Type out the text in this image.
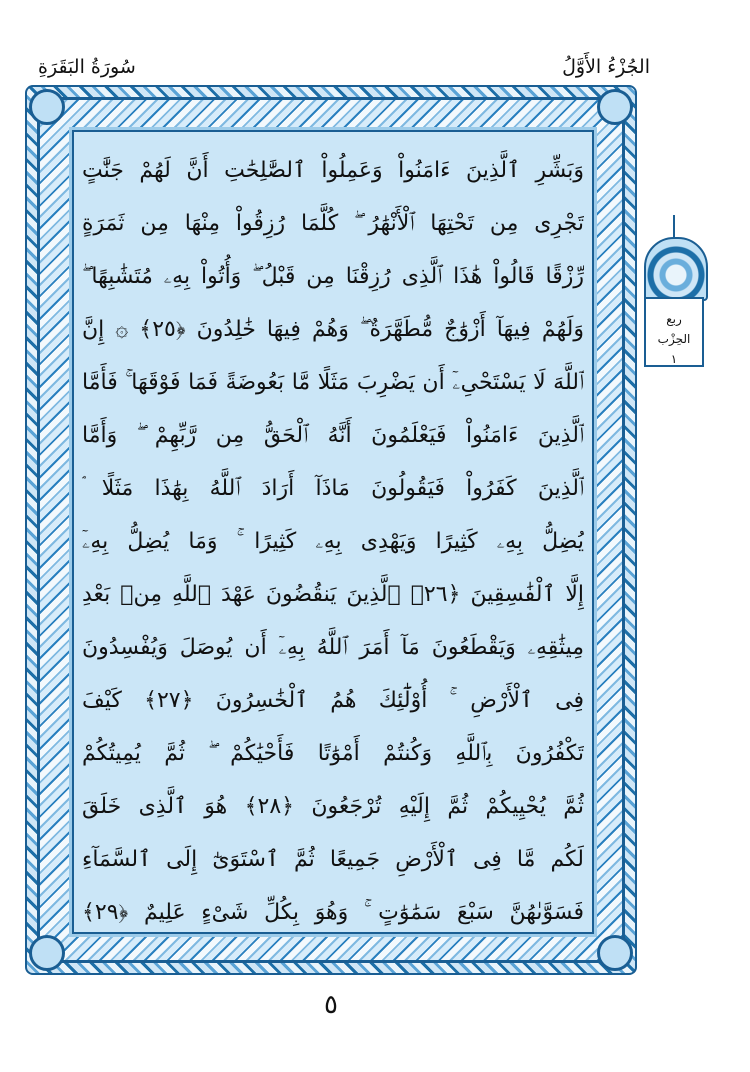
سُورَةُ البَقَرَةِ	الجُزْءُ الأَوَّلُ
وَبَشِّرِ ٱلَّذِينَ ءَامَنُواْ وَعَمِلُواْ ٱلصَّٰلِحَٰتِ أَنَّ لَهُمْ جَنَّٰتٍ
تَجْرِى مِن تَحْتِهَا ٱلْأَنْهَٰرُ ۖ كُلَّمَا رُزِقُواْ مِنْهَا مِن ثَمَرَةٍ
رِّزْقًا قَالُواْ هَٰذَا ٱلَّذِى رُزِقْنَا مِن قَبْلُ ۖ وَأُتُواْ بِهِۦ مُتَشَٰبِهًا ۖ
وَلَهُمْ فِيهَآ أَزْوَٰجٌ مُّطَهَّرَةٌ ۖ وَهُمْ فِيهَا خَٰلِدُونَ ﴿٢٥﴾ ۞ إِنَّ
ٱللَّهَ لَا يَسْتَحْىِۦٓ أَن يَضْرِبَ مَثَلًا مَّا بَعُوضَةً فَمَا فَوْقَهَا ۚ فَأَمَّا
ٱلَّذِينَ ءَامَنُواْ فَيَعْلَمُونَ أَنَّهُ ٱلْحَقُّ مِن رَّبِّهِمْ ۖ وَأَمَّا
ٱلَّذِينَ كَفَرُواْ فَيَقُولُونَ مَاذَآ أَرَادَ ٱللَّهُ بِهَٰذَا مَثَلًا ۘ
يُضِلُّ بِهِۦ كَثِيرًا وَيَهْدِى بِهِۦ كَثِيرًا ۚ وَمَا يُضِلُّ بِهِۦٓ
إِلَّا ٱلْفَٰسِقِينَ ﴿٢٦﴾ ٱلَّذِينَ يَنقُضُونَ عَهْدَ ٱللَّهِ مِنۢ بَعْدِ
مِيثَٰقِهِۦ وَيَقْطَعُونَ مَآ أَمَرَ ٱللَّهُ بِهِۦٓ أَن يُوصَلَ وَيُفْسِدُونَ
فِى ٱلْأَرْضِ ۚ أُوْلَٰٓئِكَ هُمُ ٱلْخَٰسِرُونَ ﴿٢٧﴾ كَيْفَ
تَكْفُرُونَ بِٱللَّهِ وَكُنتُمْ أَمْوَٰتًا فَأَحْيَٰكُمْ ۖ ثُمَّ يُمِيتُكُمْ
ثُمَّ يُحْيِيكُمْ ثُمَّ إِلَيْهِ تُرْجَعُونَ ﴿٢٨﴾ هُوَ ٱلَّذِى خَلَقَ
لَكُم مَّا فِى ٱلْأَرْضِ جَمِيعًا ثُمَّ ٱسْتَوَىٰٓ إِلَى ٱلسَّمَآءِ
فَسَوَّىٰهُنَّ سَبْعَ سَمَٰوَٰتٍ ۚ وَهُوَ بِكُلِّ شَىْءٍ عَلِيمٌ ﴿٢٩﴾
ربع
الحِزْب
١
٥
